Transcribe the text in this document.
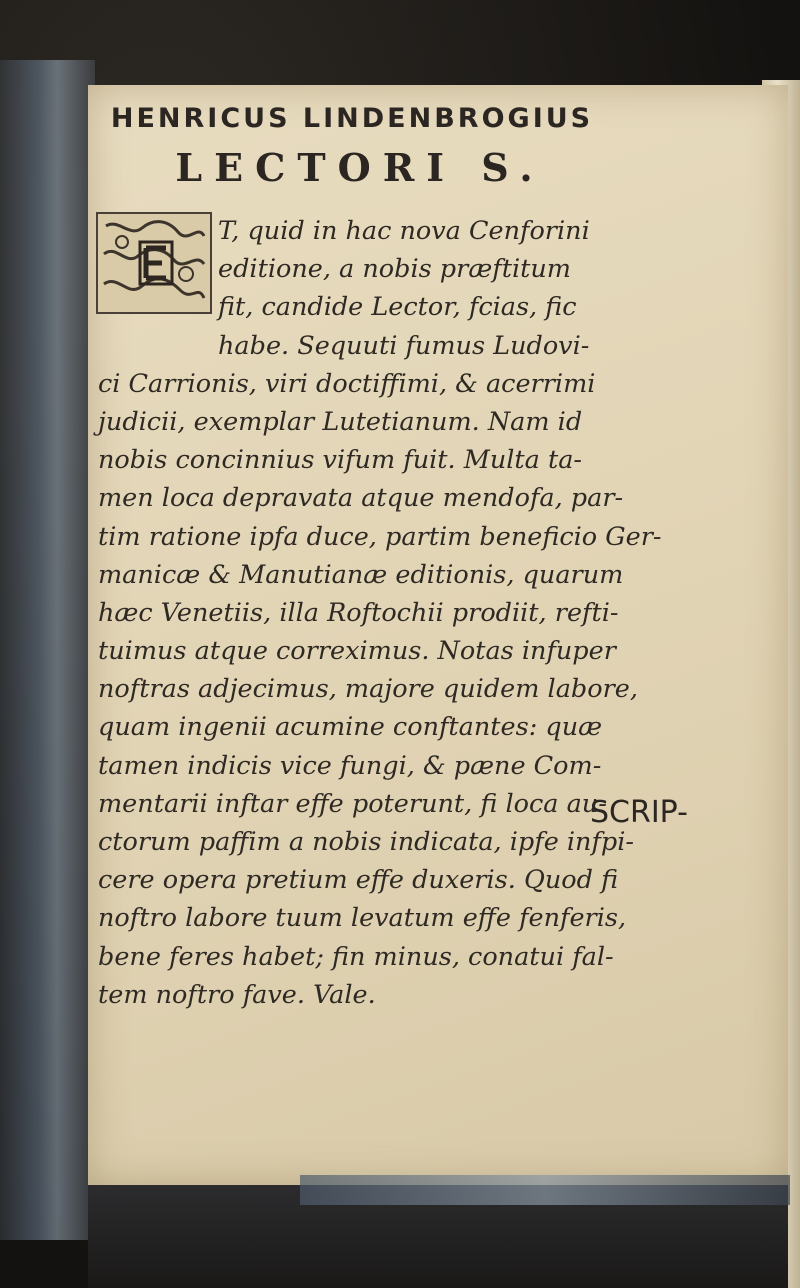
HENRICUS LINDENBROGIUS
LECTORI S.
T, quid in hac nova Cenforini
editione, a nobis præftitum
fit, candide Lector, fcias, fic
habe. Sequuti fumus Ludovi-
ci Carrionis, viri doctiffimi, & acerrimi
judicii, exemplar Lutetianum. Nam id
nobis concinnius vifum fuit. Multa ta-
men loca depravata atque mendofa, par-
tim ratione ipfa duce, partim beneficio Ger-
manicæ & Manutianæ editionis, quarum
hæc Venetiis, illa Roftochii prodiit, refti-
tuimus atque correximus. Notas infuper
noftras adjecimus, majore quidem labore,
quam ingenii acumine conftantes: quæ
tamen indicis vice fungi, & pæne Com-
mentarii inftar effe poterunt, fi loca au-
ctorum paffim a nobis indicata, ipfe infpi-
cere opera pretium effe duxeris. Quod fi
noftro labore tuum levatum effe fenferis,
bene feres habet; fin minus, conatui fal-
tem noftro fave. Vale.
SCRIP-
